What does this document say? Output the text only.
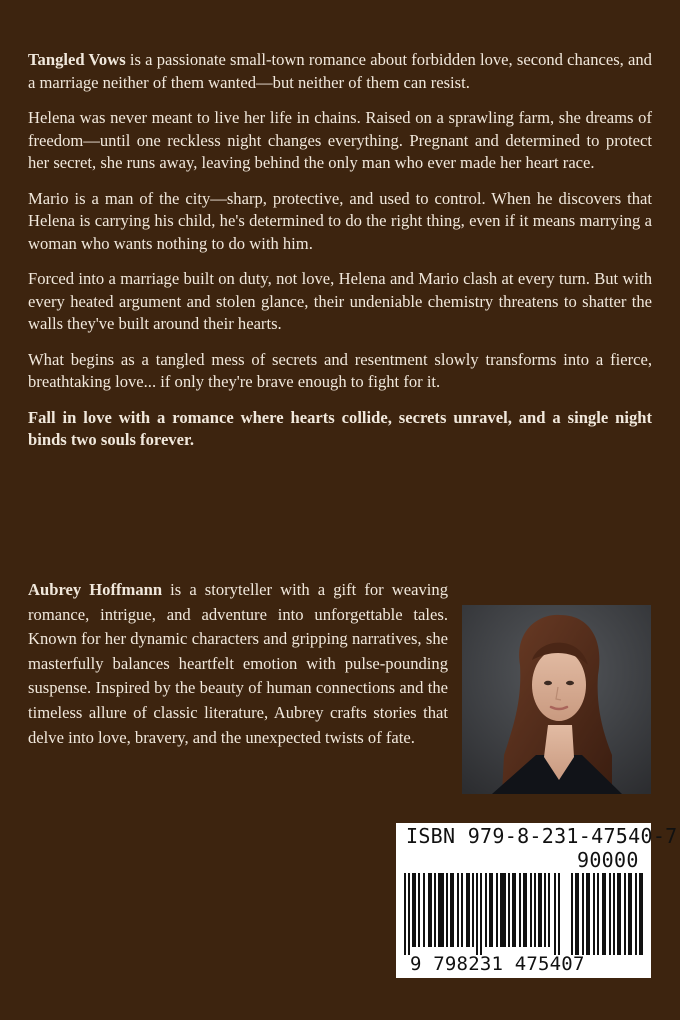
Tangled Vows is a passionate small-town romance about forbidden love, second chances, and a marriage neither of them wanted—but neither of them can resist.

Helena was never meant to live her life in chains. Raised on a sprawling farm, she dreams of freedom—until one reckless night changes everything. Pregnant and determined to protect her secret, she runs away, leaving behind the only man who ever made her heart race.

Mario is a man of the city—sharp, protective, and used to control. When he discovers that Helena is carrying his child, he's determined to do the right thing, even if it means marrying a woman who wants nothing to do with him.

Forced into a marriage built on duty, not love, Helena and Mario clash at every turn. But with every heated argument and stolen glance, their undeniable chemistry threatens to shatter the walls they've built around their hearts.

What begins as a tangled mess of secrets and resentment slowly transforms into a fierce, breathtaking love... if only they're brave enough to fight for it.

Fall in love with a romance where hearts collide, secrets unravel, and a single night binds two souls forever.

Aubrey Hoffmann is a storyteller with a gift for weaving romance, intrigue, and adventure into unforgettable tales. Known for her dynamic characters and gripping narratives, she masterfully balances heartfelt emotion with pulse-pounding suspense. Inspired by the beauty of human connections and the timeless allure of classic literature, Aubrey crafts stories that delve into love, bravery, and the unexpected twists of fate.
ISBN 979-8-231-47540-7
90000
9 798231 475407
